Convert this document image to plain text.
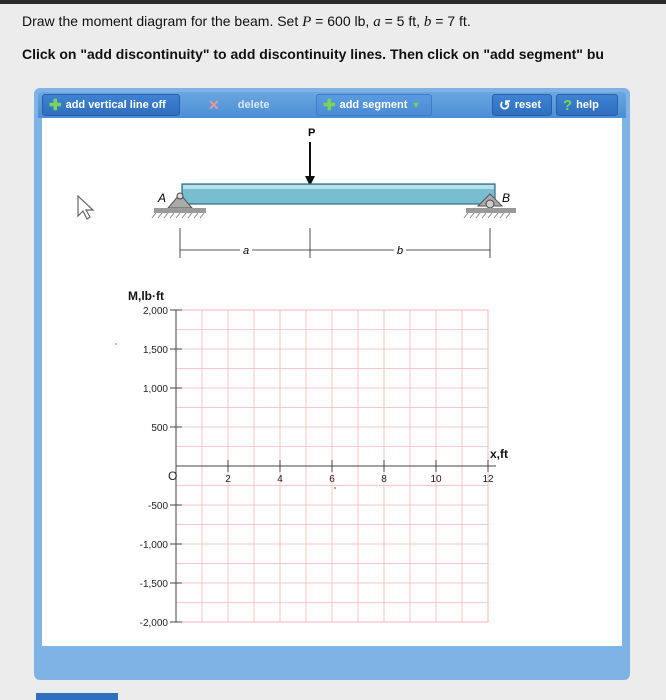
Draw the moment diagram for the beam. Set P = 600 lb, a = 5 ft, b = 7 ft.
Click on "add discontinuity" to add discontinuity lines. Then click on "add segment" bu
✚ add vertical line off	✕ delete	✚ add segment ▼	↺ reset ? help
P
A	B
a	b
2,000
1,500
1,000
500
-500
-1,000
-1,500
-2,000
2	4	6	8	10	12
M,lb·ft
x,ft
O
